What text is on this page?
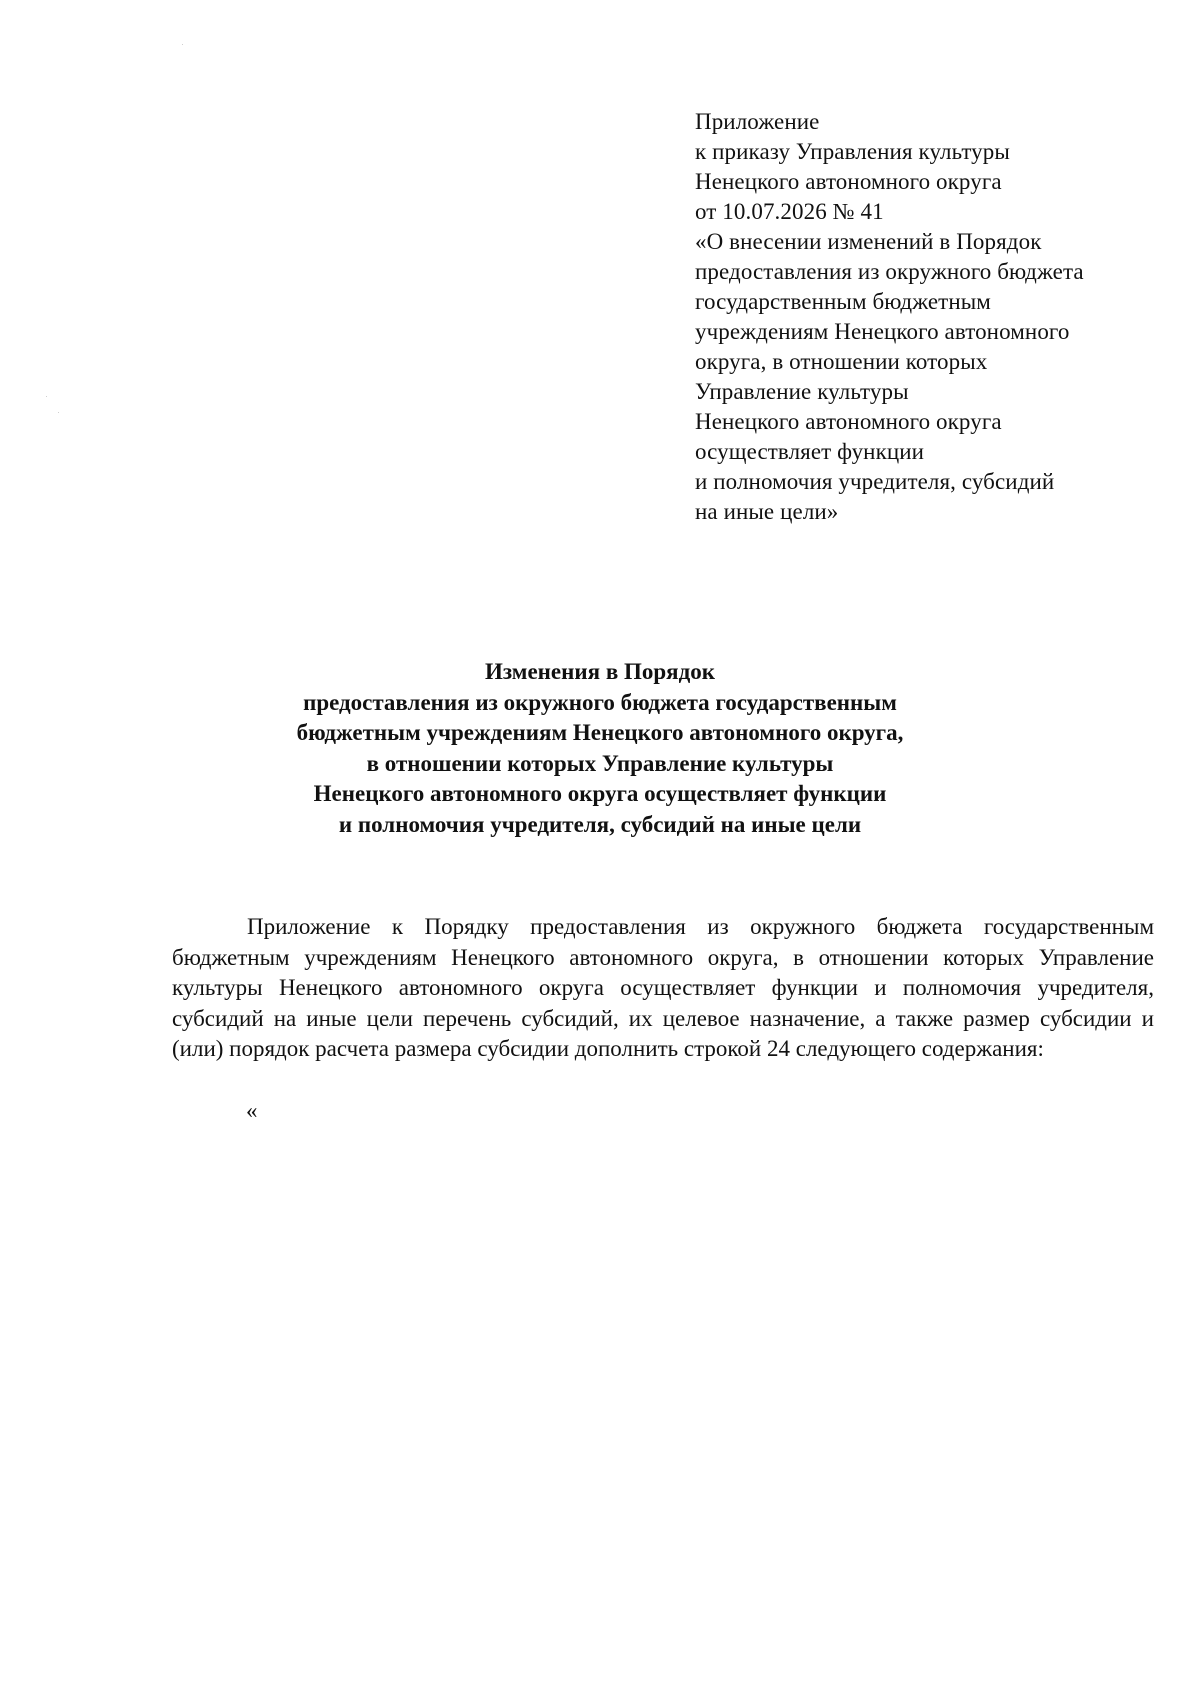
Приложение
к приказу Управления культуры
Ненецкого автономного округа
от 10.07.2026 № 41
«О внесении изменений в Порядок
предоставления из окружного бюджета
государственным бюджетным
учреждениям Ненецкого автономного
округа, в отношении которых
Управление культуры
Ненецкого автономного округа
осуществляет функции
и полномочия учредителя, субсидий
на иные цели»
Изменения в Порядок
предоставления из окружного бюджета государственным
бюджетным учреждениям Ненецкого автономного округа,
в отношении которых Управление культуры
Ненецкого автономного округа осуществляет функции
и полномочия учредителя, субсидий на иные цели

Приложение к Порядку предоставления из окружного бюджета государственным бюджетным учреждениям Ненецкого автономного округа, в отношении которых Управление культуры Ненецкого автономного округа осуществляет функции и полномочия учредителя, субсидий на иные цели перечень субсидий, их целевое назначение, а также размер субсидии и (или) порядок расчета размера субсидии дополнить строкой 24 следующего содержания:

«
